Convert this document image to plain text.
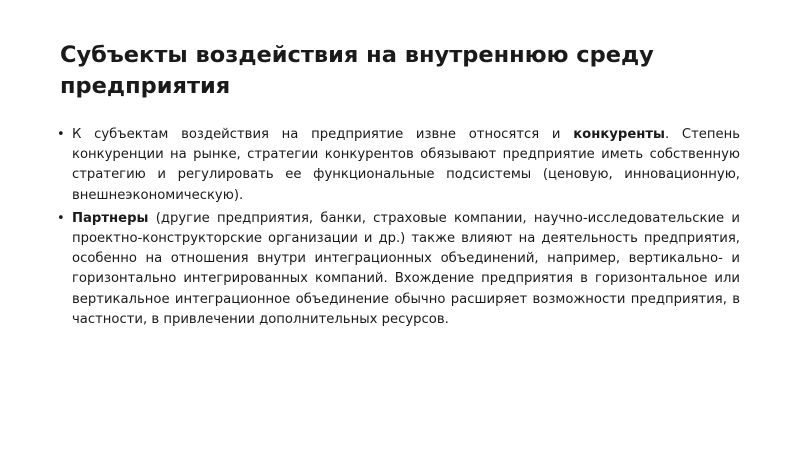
Субъекты воздействия на внутреннюю среду предприятия
• К субъектам воздействия на предприятие извне относятся и конкуренты. Степень конкуренции на рынке, стратегии конкурентов обязывают предприятие иметь собственную стратегию и регулировать ее функциональные подсистемы (ценовую, инновационную, внешнеэкономическую).
• Партнеры (другие предприятия, банки, страховые компании, научно-исследовательские и проектно-конструкторские организации и др.) также влияют на деятельность предприятия, особенно на отношения внутри интеграционных объединений, например, вертикально- и горизонтально интегрированных компаний. Вхождение предприятия в горизонтальное или вертикальное интеграционное объединение обычно расширяет возможности предприятия, в частности, в привлечении дополнительных ресурсов.
